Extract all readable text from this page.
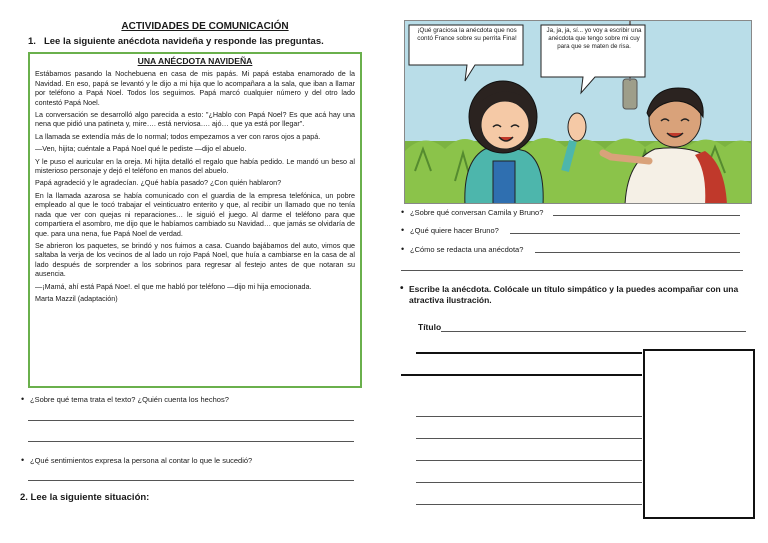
ACTIVIDADES DE COMUNICACIÓN
1. Lee la siguiente anécdota navideña y responde las preguntas.
UNA ANÉCDOTA NAVIDEÑA

Estábamos pasando la Nochebuena en casa de mis papás. Mi papá estaba enamorado de la Navidad. En eso, papá se levantó y le dijo a mi hija que lo acompañara a la sala, que iban a llamar por teléfono a Papá Noel. Todos los seguimos. Papá marcó cualquier número y del otro lado contestó Papá Noel.

La conversación se desarrolló algo parecida a esto: "¿Hablo con Papá Noel? Es que acá hay una nena que pidió una patineta y, mire…. está nerviosa…. ajó… que ya está por llegar".

La llamada se extendía más de lo normal; todos empezamos a ver con raros ojos a papá.

—Ven, hijita; cuéntale a Papá Noel qué le pediste —dijo el abuelo.

Y le puso el auricular en la oreja. Mi hijita detalló el regalo que había pedido. Le mandó un beso al misterioso personaje y dejó el teléfono en manos del abuelo.

Papá agradeció y le agradecían. ¿Qué había pasado? ¿Con quién hablaron?

En la llamada azarosa se había comunicado con el guardia de la empresa telefónica, un pobre empleado al que le tocó trabajar el veinticuatro enterito y que, al recibir un llamado que no tenía nada que ver con quejas ni reparaciones… le siguió el juego. Al darme el teléfono para que compartiera el asombro, me dijo que le habíamos cambiado su Navidad… que jamás se olvidaría de que. para una nena, fue Papá Noel de verdad.

Se abrieron los paquetes, se brindó y nos fuimos a casa. Cuando bajábamos del auto, vimos que saltaba la verja de los vecinos de al lado un rojo Papá Noel, que huía a cambiarse en la casa de al lado después de sorprender a los sobrinos para regresar al festejo antes de que notaran su ausencia.

—¡Mamá, ahí está Papá Noe!. el que me habló por teléfono —dijo mi hija emocionada.

Marta Mazzil (adaptación)

• ¿Sobre qué tema trata el texto? ¿Quién cuenta los hechos?
• ¿Qué sentimientos expresa la persona al contar lo que le sucedió?
2. Lee la siguiente situación:
¡Qué graciosa la anécdota que nos contó France sobre su perrita Fina!
Ja, ja, ja, sí... yo voy a escribir una anécdota que tengo sobre mi cuy para que se maten de risa.
• ¿Sobre qué conversan Camila y Bruno?
• ¿Qué quiere hacer Bruno?
• ¿Cómo se redacta una anécdota?
• Escribe la anécdota. Colócale un título simpático y la puedes acompañar con una atractiva ilustración.
Título
